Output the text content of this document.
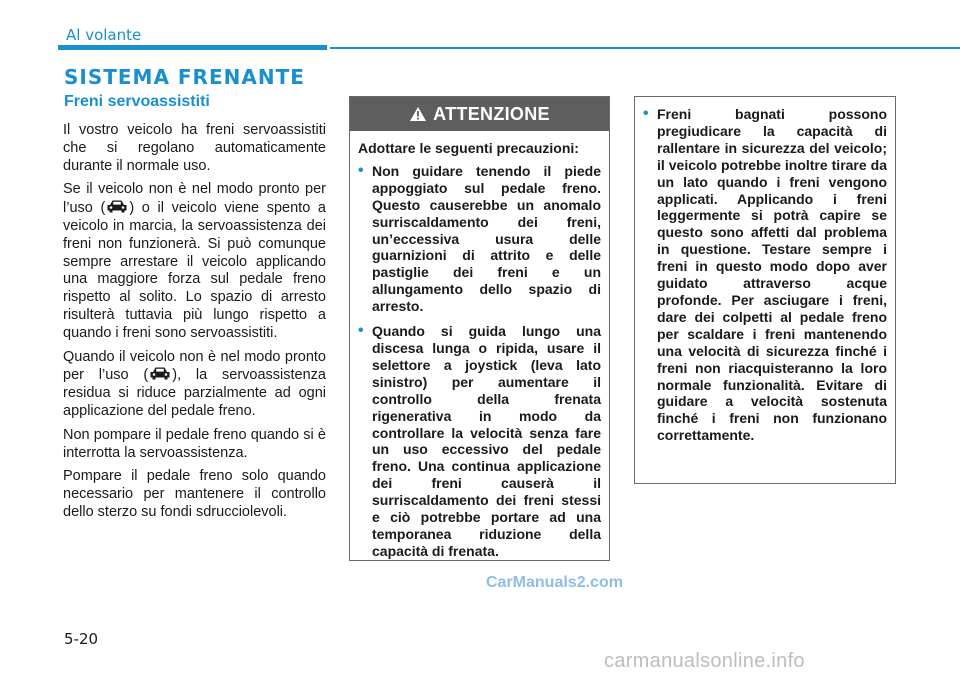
Al volante
SISTEMA FRENANTE
Freni servoassistiti

Il vostro veicolo ha freni servoassistiti che si regolano automaticamente durante il normale uso.

Se il veicolo non è nel modo pronto per l’uso ( ) o il veicolo viene spento a veicolo in marcia, la servoassistenza dei freni non funzionerà. Si può comunque sempre arrestare il veicolo applicando una maggiore forza sul pedale freno rispetto al solito. Lo spazio di arresto risulterà tuttavia più lungo rispetto a quando i freni sono servoassistiti.

Quando il veicolo non è nel modo pronto per l’uso ( ), la servoassistenza residua si riduce parzialmente ad ogni applicazione del pedale freno.

Non pompare il pedale freno quando si è interrotta la servoassistenza.

Pompare il pedale freno solo quando necessario per mantenere il controllo dello sterzo su fondi sdrucciolevoli.

ATTENZIONE

Adottare le seguenti precauzioni:

• Non guidare tenendo il piede appoggiato sul pedale freno. Questo causerebbe un anomalo surriscaldamento dei freni, un’eccessiva usura delle guarnizioni di attrito e delle pastiglie dei freni e un allungamento dello spazio di arresto.
• Quando si guida lungo una discesa lunga o ripida, usare il selettore a joystick (leva lato sinistro) per aumentare il controllo della frenata rigenerativa in modo da controllare la velocità senza fare un uso eccessivo del pedale freno. Una continua applicazione dei freni causerà il surriscaldamento dei freni stessi e ciò potrebbe portare ad una temporanea riduzione della capacità di frenata.
• Freni bagnati possono pregiudicare la capacità di rallentare in sicurezza del veicolo; il veicolo potrebbe inoltre tirare da un lato quando i freni vengono applicati. Applicando i freni leggermente si potrà capire se questo sono affetti dal problema in questione. Testare sempre i freni in questo modo dopo aver guidato attraverso acque profonde. Per asciugare i freni, dare dei colpetti al pedale freno per scaldare i freni mantenendo una velocità di sicurezza finché i freni non riacquisteranno la loro normale funzionalità. Evitare di guidare a velocità sostenuta finché i freni non funzionano correttamente.
CarManuals2.com
5-20
carmanualsonline.info
